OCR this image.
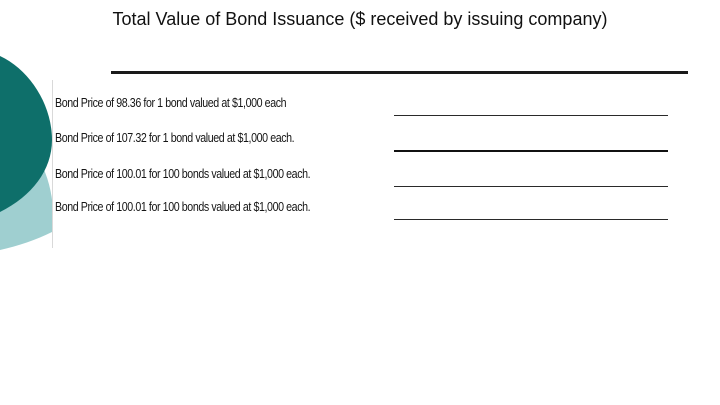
Total Value of Bond Issuance ($ received by issuing company)
Bond Price of 98.36 for 1 bond valued at $1,000 each
Bond Price of 107.32 for 1 bond valued at $1,000 each.
Bond Price of 100.01 for 100 bonds valued at $1,000 each.
Bond Price of 100.01 for 100 bonds valued at $1,000 each.
